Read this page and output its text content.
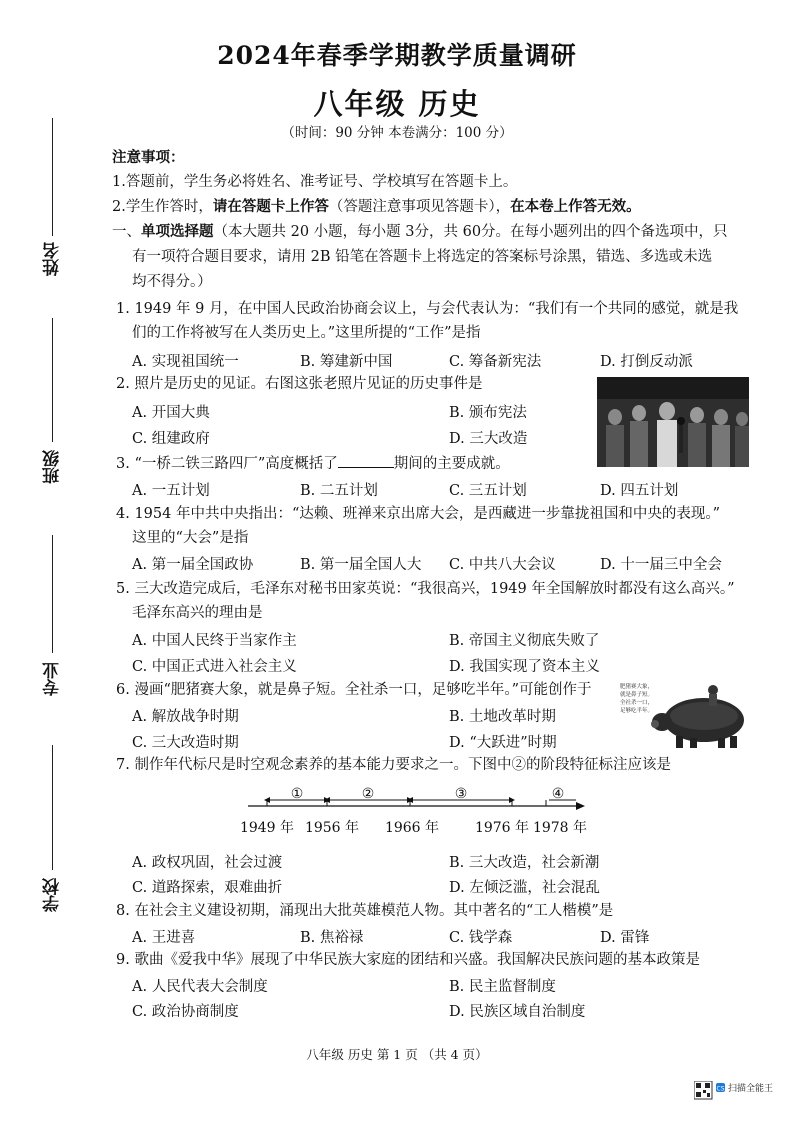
姓名
班级
专业
学校
2024年春季学期教学质量调研
八年级 历史
（时间：90 分钟 本卷满分：100 分）
注意事项：
1.答题前，学生务必将姓名、准考证号、学校填写在答题卡上。
2.学生作答时，请在答题卡上作答（答题注意事项见答题卡），在本卷上作答无效。
一、单项选择题（本大题共 20 小题，每小题 3分，共 60分。在每小题列出的四个备选项中，只
有一项符合题目要求，请用 2B 铅笔在答题卡上将选定的答案标号涂黑，错选、多选或未选
均不得分。）
1. 1949 年 9 月，在中国人民政治协商会议上，与会代表认为：“我们有一个共同的感觉，就是我
们的工作将被写在人类历史上。”这里所提的“工作”是指
A. 实现祖国统一	B. 筹建新中国	C. 筹备新宪法	D. 打倒反动派
2. 照片是历史的见证。右图这张老照片见证的历史事件是
A. 开国大典	B. 颁布宪法
C. 组建政府	D. 三大改造
3. “一桥二铁三路四厂”高度概括了	期间的主要成就。
A. 一五计划	B. 二五计划	C. 三五计划	D. 四五计划
4. 1954 年中共中央指出：“达赖、班禅来京出席大会，是西藏进一步靠拢祖国和中央的表现。”
这里的“大会”是指
A. 第一届全国政协	B. 第一届全国人大 C. 中共八大会议	D. 十一届三中全会
5. 三大改造完成后，毛泽东对秘书田家英说：“我很高兴，1949 年全国解放时都没有这么高兴。”
毛泽东高兴的理由是
A. 中国人民终于当家作主	B. 帝国主义彻底失败了
C. 中国正式进入社会主义	D. 我国实现了资本主义
6. 漫画“肥猪赛大象，就是鼻子短。全社杀一口，足够吃半年。”可能创作于
A. 解放战争时期	B. 土地改革时期
C. 三大改造时期	D. “大跃进”时期
肥猪赛大象，
就是鼻子短。
全社杀一口，
足够吃半年。
7. 制作年代标尺是时空观念素养的基本能力要求之一。下图中②的阶段特征标注应该是
①	②	③	④
1949 年 1956 年 1966 年	1976 年 1978 年
A. 政权巩固，社会过渡	B. 三大改造，社会新潮
C. 道路探索，艰难曲折	D. 左倾泛滥，社会混乱
8. 在社会主义建设初期，涌现出大批英雄模范人物。其中著名的“工人楷模”是
A. 王进喜	B. 焦裕禄	C. 钱学森	D. 雷锋
9. 歌曲《爱我中华》展现了中华民族大家庭的团结和兴盛。我国解决民族问题的基本政策是
A. 人民代表大会制度	B. 民主监督制度
C. 政治协商制度	D. 民族区域自治制度
八年级 历史 第 1 页 （共 4 页）
CS 扫描全能王
